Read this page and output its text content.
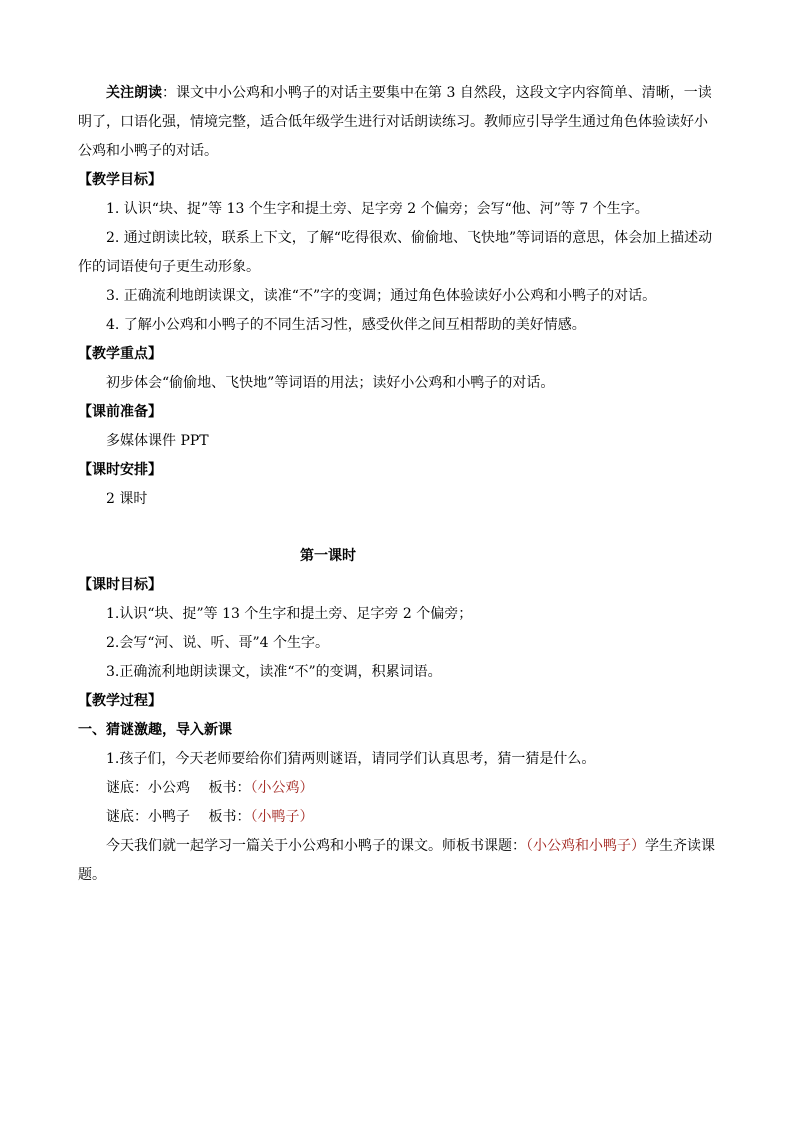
关注朗读：课文中小公鸡和小鸭子的对话主要集中在第 3 自然段，这段文字内容简单、清晰，一读明了，口语化强，情境完整，适合低年级学生进行对话朗读练习。教师应引导学生通过角色体验读好小公鸡和小鸭子的对话。

【教学目标】

1. 认识“块、捉”等 13 个生字和提土旁、足字旁 2 个偏旁；会写“他、河”等 7 个生字。

2. 通过朗读比较，联系上下文，了解“吃得很欢、偷偷地、飞快地”等词语的意思，体会加上描述动作的词语使句子更生动形象。

3. 正确流利地朗读课文，读准“不”字的变调；通过角色体验读好小公鸡和小鸭子的对话。

4. 了解小公鸡和小鸭子的不同生活习性，感受伙伴之间互相帮助的美好情感。

【教学重点】

初步体会“偷偷地、飞快地”等词语的用法；读好小公鸡和小鸭子的对话。

【课前准备】

多媒体课件 PPT

【课时安排】

2 课时

第一课时

【课时目标】

1.认识“块、捉”等 13 个生字和提土旁、足字旁 2 个偏旁；

2.会写“河、说、听、哥”4 个生字。

3.正确流利地朗读课文，读准“不”的变调，积累词语。

【教学过程】

一、猜谜激趣，导入新课

1.孩子们，今天老师要给你们猜两则谜语，请同学们认真思考，猜一猜是什么。

谜底：小公鸡　 板书：（小公鸡）

谜底：小鸭子　 板书：（小鸭子）

今天我们就一起学习一篇关于小公鸡和小鸭子的课文。师板书课题：（小公鸡和小鸭子）学生齐读课题。
